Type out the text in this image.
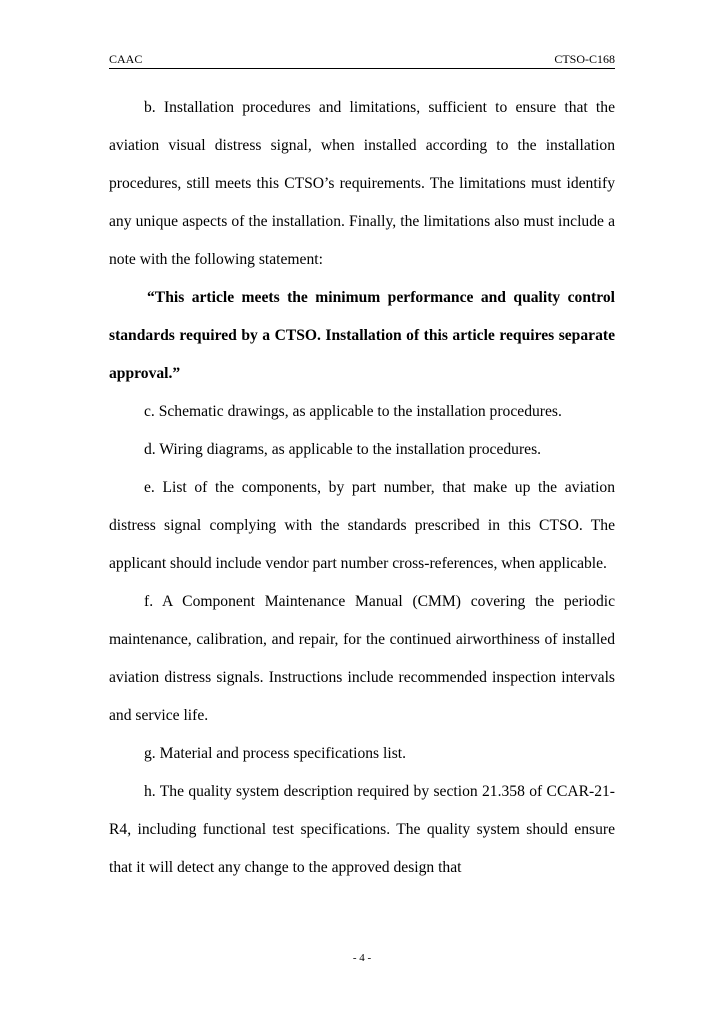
CAAC	CTSO-C168

b. Installation procedures and limitations, sufficient to ensure that the aviation visual distress signal, when installed according to the installation procedures, still meets this CTSO’s requirements. The limitations must identify any unique aspects of the installation. Finally, the limitations also must include a note with the following statement:

“This article meets the minimum performance and quality control standards required by a CTSO. Installation of this article requires separate approval.”

c. Schematic drawings, as applicable to the installation procedures.

d. Wiring diagrams, as applicable to the installation procedures.

e. List of the components, by part number, that make up the aviation distress signal complying with the standards prescribed in this CTSO. The applicant should include vendor part number cross-references, when applicable.

f. A Component Maintenance Manual (CMM) covering the periodic maintenance, calibration, and repair, for the continued airworthiness of installed aviation distress signals. Instructions include recommended inspection intervals and service life.

g. Material and process specifications list.

h. The quality system description required by section 21.358 of CCAR-21-R4, including functional test specifications. The quality system should ensure that it will detect any change to the approved design that

- 4 -
